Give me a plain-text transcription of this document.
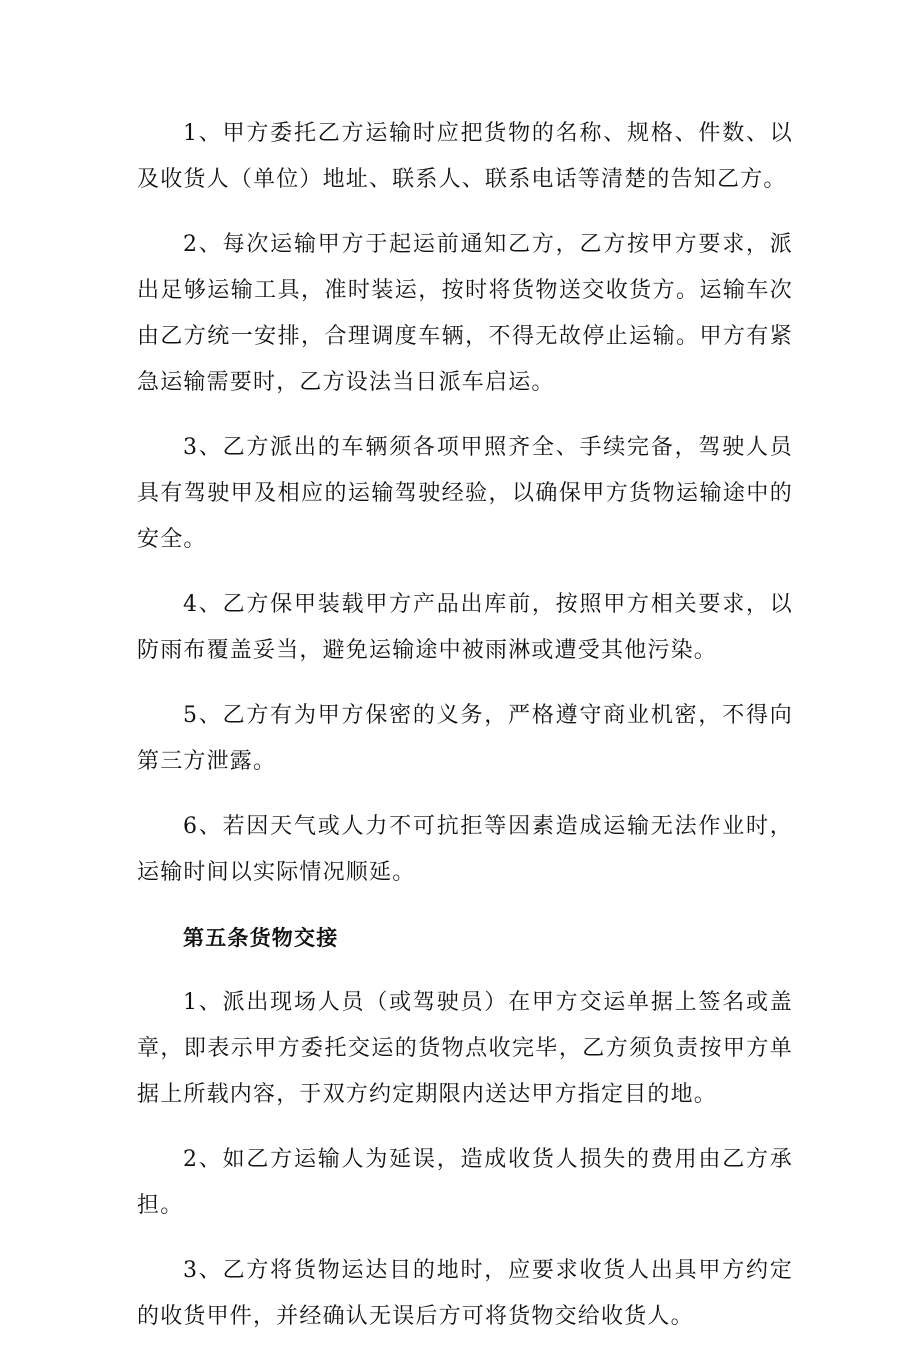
1、甲方委托乙方运输时应把货物的名称、规格、件数、以及收货人（单位）地址、联系人、联系电话等清楚的告知乙方。

2、每次运输甲方于起运前通知乙方，乙方按甲方要求，派出足够运输工具，准时装运，按时将货物送交收货方。运输车次由乙方统一安排，合理调度车辆，不得无故停止运输。甲方有紧急运输需要时，乙方设法当日派车启运。

3、乙方派出的车辆须各项甲照齐全、手续完备，驾驶人员具有驾驶甲及相应的运输驾驶经验，以确保甲方货物运输途中的安全。

4、乙方保甲装载甲方产品出库前，按照甲方相关要求，以防雨布覆盖妥当，避免运输途中被雨淋或遭受其他污染。

5、乙方有为甲方保密的义务，严格遵守商业机密，不得向第三方泄露。

6、若因天气或人力不可抗拒等因素造成运输无法作业时，运输时间以实际情况顺延。

第五条货物交接

1、派出现场人员（或驾驶员）在甲方交运单据上签名或盖章，即表示甲方委托交运的货物点收完毕，乙方须负责按甲方单据上所载内容，于双方约定期限内送达甲方指定目的地。

2、如乙方运输人为延误，造成收货人损失的费用由乙方承担。

3、乙方将货物运达目的地时，应要求收货人出具甲方约定的收货甲件，并经确认无误后方可将货物交给收货人。
